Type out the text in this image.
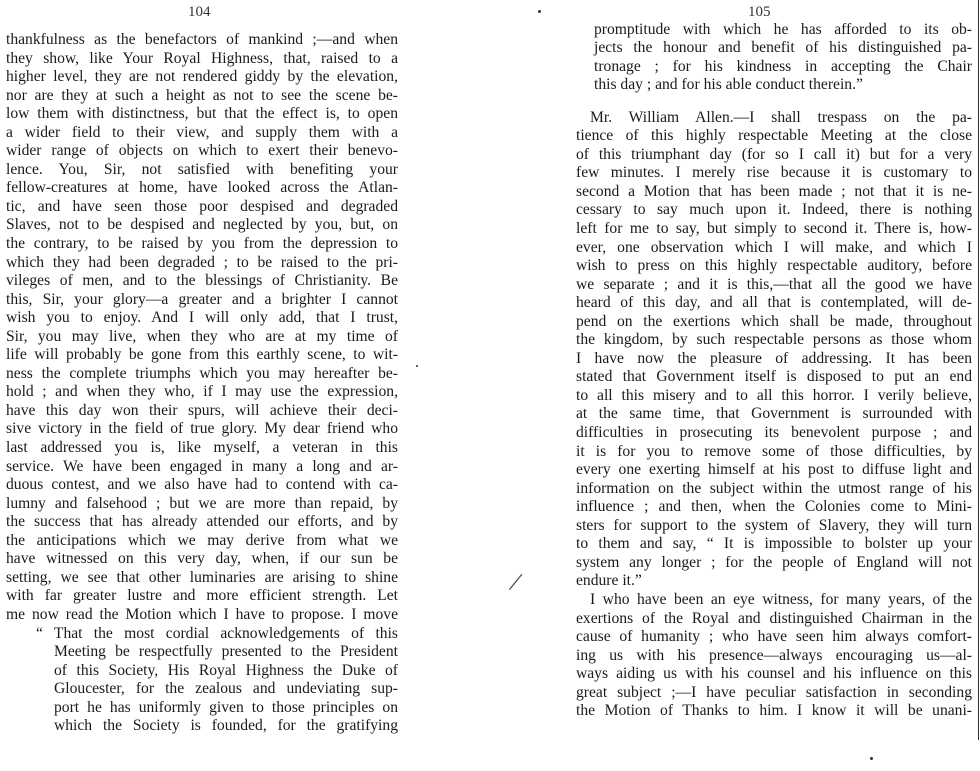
104
thankfulness as the benefactors of mankind ;—and when
they show, like Your Royal Highness, that, raised to a
higher level, they are not rendered giddy by the elevation,
nor are they at such a height as not to see the scene be-
low them with distinctness, but that the effect is, to open
a wider field to their view, and supply them with a
wider range of objects on which to exert their benevo-
lence. You, Sir, not satisfied with benefiting your
fellow-creatures at home, have looked across the Atlan-
tic, and have seen those poor despised and degraded
Slaves, not to be despised and neglected by you, but, on
the contrary, to be raised by you from the depression to
which they had been degraded ; to be raised to the pri-
vileges of men, and to the blessings of Christianity. Be
this, Sir, your glory—a greater and a brighter I cannot
wish you to enjoy. And I will only add, that I trust,
Sir, you may live, when they who are at my time of
life will probably be gone from this earthly scene, to wit-
ness the complete triumphs which you may hereafter be-
hold ; and when they who, if I may use the expression,
have this day won their spurs, will achieve their deci-
sive victory in the field of true glory. My dear friend who
last addressed you is, like myself, a veteran in this
service. We have been engaged in many a long and ar-
duous contest, and we also have had to contend with ca-
lumny and falsehood ; but we are more than repaid, by
the success that has already attended our efforts, and by
the anticipations which we may derive from what we
have witnessed on this very day, when, if our sun be
setting, we see that other luminaries are arising to shine
with far greater lustre and more efficient strength. Let
me now read the Motion which I have to propose. I move
“ That the most cordial acknowledgements of this
Meeting be respectfully presented to the President
of this Society, His Royal Highness the Duke of
Gloucester, for the zealous and undeviating sup-
port he has uniformly given to those principles on
which the Society is founded, for the gratifying
105
promptitude with which he has afforded to its ob-
jects the honour and benefit of his distinguished pa-
tronage ; for his kindness in accepting the Chair
this day ; and for his able conduct therein.”
Mr. William Allen.—I shall trespass on the pa-
tience of this highly respectable Meeting at the close
of this triumphant day (for so I call it) but for a very
few minutes. I merely rise because it is customary to
second a Motion that has been made ; not that it is ne-
cessary to say much upon it. Indeed, there is nothing
left for me to say, but simply to second it. There is, how-
ever, one observation which I will make, and which I
wish to press on this highly respectable auditory, before
we separate ; and it is this,—that all the good we have
heard of this day, and all that is contemplated, will de-
pend on the exertions which shall be made, throughout
the kingdom, by such respectable persons as those whom
I have now the pleasure of addressing. It has been
stated that Government itself is disposed to put an end
to all this misery and to all this horror. I verily believe,
at the same time, that Government is surrounded with
difficulties in prosecuting its benevolent purpose ; and
it is for you to remove some of those difficulties, by
every one exerting himself at his post to diffuse light and
information on the subject within the utmost range of his
influence ; and then, when the Colonies come to Mini-
sters for support to the system of Slavery, they will turn
to them and say, “ It is impossible to bolster up your
system any longer ; for the people of England will not
endure it.”
I who have been an eye witness, for many years, of the
exertions of the Royal and distinguished Chairman in the
cause of humanity ; who have seen him always comfort-
ing us with his presence—always encouraging us—al-
ways aiding us with his counsel and his influence on this
great subject ;—I have peculiar satisfaction in seconding
the Motion of Thanks to him. I know it will be unani-
 /
